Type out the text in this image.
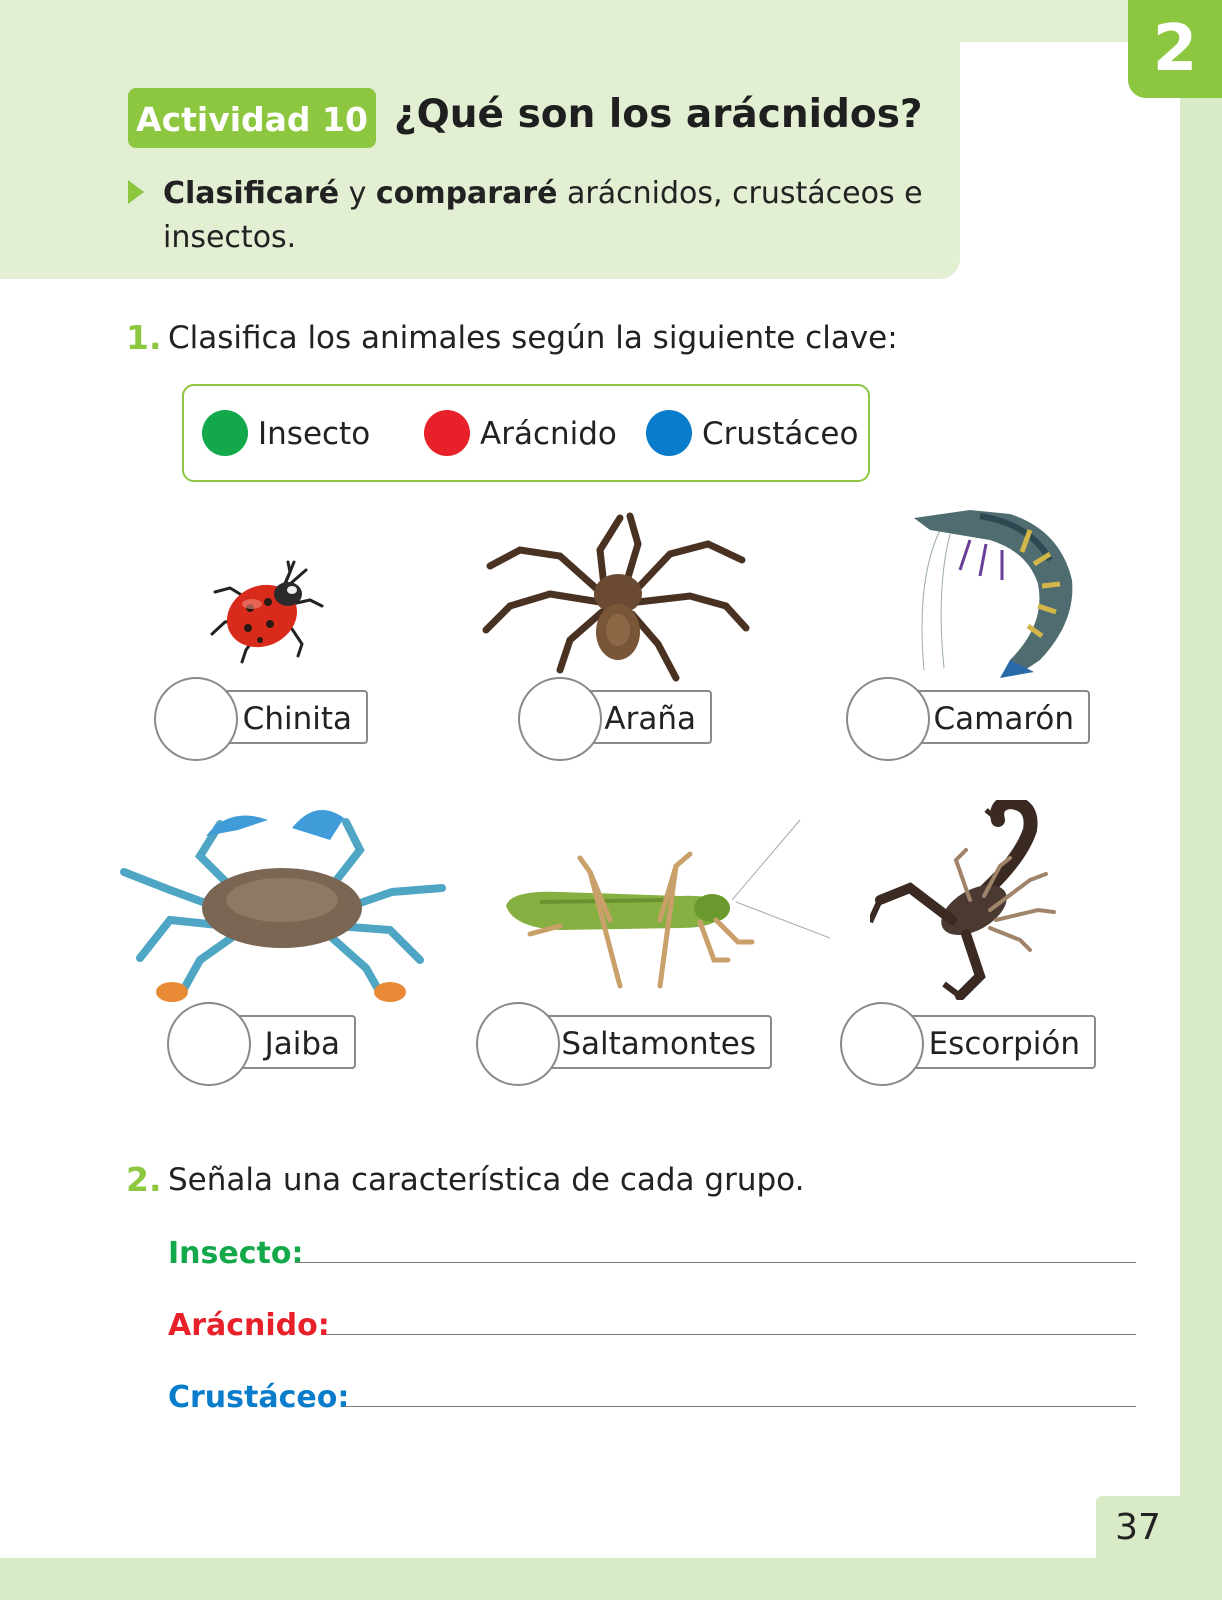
2
37
Actividad 10 ¿Qué son los arácnidos?
Clasificaré y compararé arácnidos, crustáceos e insectos.
1. Clasifica los animales según la siguiente clave:
Insecto	Arácnido	Crustáceo
Chinita	Araña	Camarón
Jaiba	Saltamontes	Escorpión
2. Señala una característica de cada grupo.
Insecto:
Arácnido:
Crustáceo:
